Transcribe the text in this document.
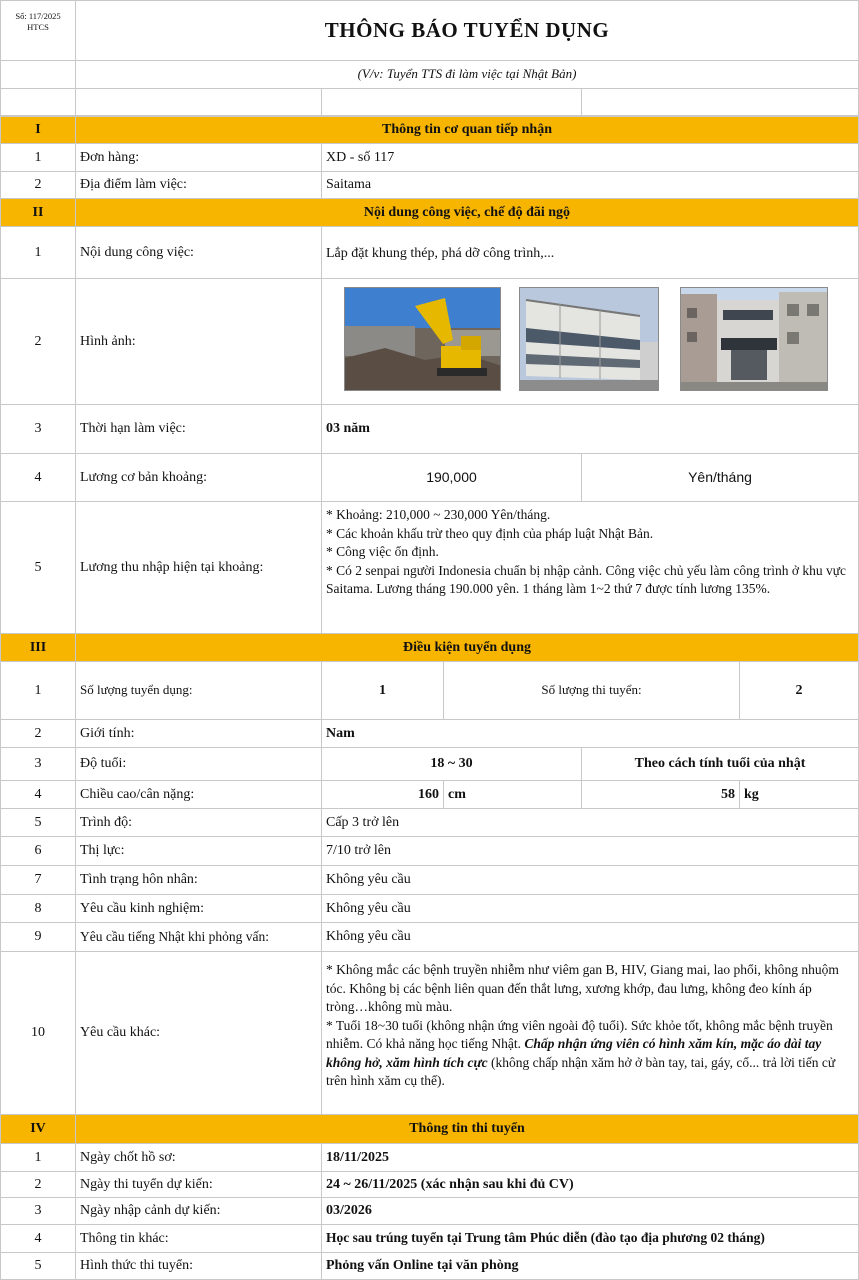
Số: 117/2025
HTCS	THÔNG BÁO TUYỂN DỤNG
(V/v: Tuyển TTS đi làm việc tại Nhật Bản)
I	Thông tin cơ quan tiếp nhận
1	Đơn hàng:	XD - số 117
2	Địa điểm làm việc:	Saitama
II	Nội dung công việc, chế độ đãi ngộ
1	Nội dung công việc:	Lắp đặt khung thép, phá dỡ công trình,...
2	Hình ảnh:
3	Thời hạn làm việc:	03 năm
4	Lương cơ bản khoảng:	190,000	Yên/tháng
5	Lương thu nhập hiện tại khoảng:

* Khoảng: 210,000 ~ 230,000 Yên/tháng.

* Các khoản khấu trừ theo quy định của pháp luật Nhật Bản.

* Công việc ổn định.

* Có 2 senpai người Indonesia chuẩn bị nhập cảnh. Công việc chủ yếu làm công trình ở khu vực Saitama. Lương tháng 190.000 yên. 1 tháng làm 1~2 thứ 7 được tính lương 135%.

III	Điều kiện tuyển dụng
1	Số lượng tuyển dụng:	1	Số lượng thi tuyển:	2
2	Giới tính:	Nam
3	Độ tuổi:	18 ~ 30	Theo cách tính tuổi của nhật
4	Chiều cao/cân nặng:	160 cm	58 kg
5	Trình độ:	Cấp 3 trở lên
6	Thị lực:	7/10 trở lên
7	Tình trạng hôn nhân:	Không yêu cầu
8	Yêu cầu kinh nghiệm:	Không yêu cầu
9	Yêu cầu tiếng Nhật khi phỏng vấn:	Không yêu cầu
10	Yêu cầu khác:

* Không mắc các bệnh truyền nhiễm như viêm gan B, HIV, Giang mai, lao phổi, không nhuộm tóc. Không bị các bệnh liên quan đến thắt lưng, xương khớp, đau lưng, không đeo kính áp tròng…không mù màu.

* Tuổi 18~30 tuổi (không nhận ứng viên ngoài độ tuổi). Sức khỏe tốt, không mắc bệnh truyền nhiễm. Có khả năng học tiếng Nhật. Chấp nhận ứng viên có hình xăm kín, mặc áo dài tay không hở, xăm hình tích cực (không chấp nhận xăm hở ở bàn tay, tai, gáy, cổ... trả lời tiến cử trên hình xăm cụ thể).

IV	Thông tin thi tuyển
1	Ngày chốt hồ sơ:	18/11/2025
2	Ngày thi tuyển dự kiến:	24 ~ 26/11/2025 (xác nhận sau khi đủ CV)
3	Ngày nhập cảnh dự kiến:	03/2026
4	Thông tin khác:	Học sau trúng tuyển tại Trung tâm Phúc diễn (đào tạo địa phương 02 tháng)
5	Hình thức thi tuyển:	Phỏng vấn Online tại văn phòng
